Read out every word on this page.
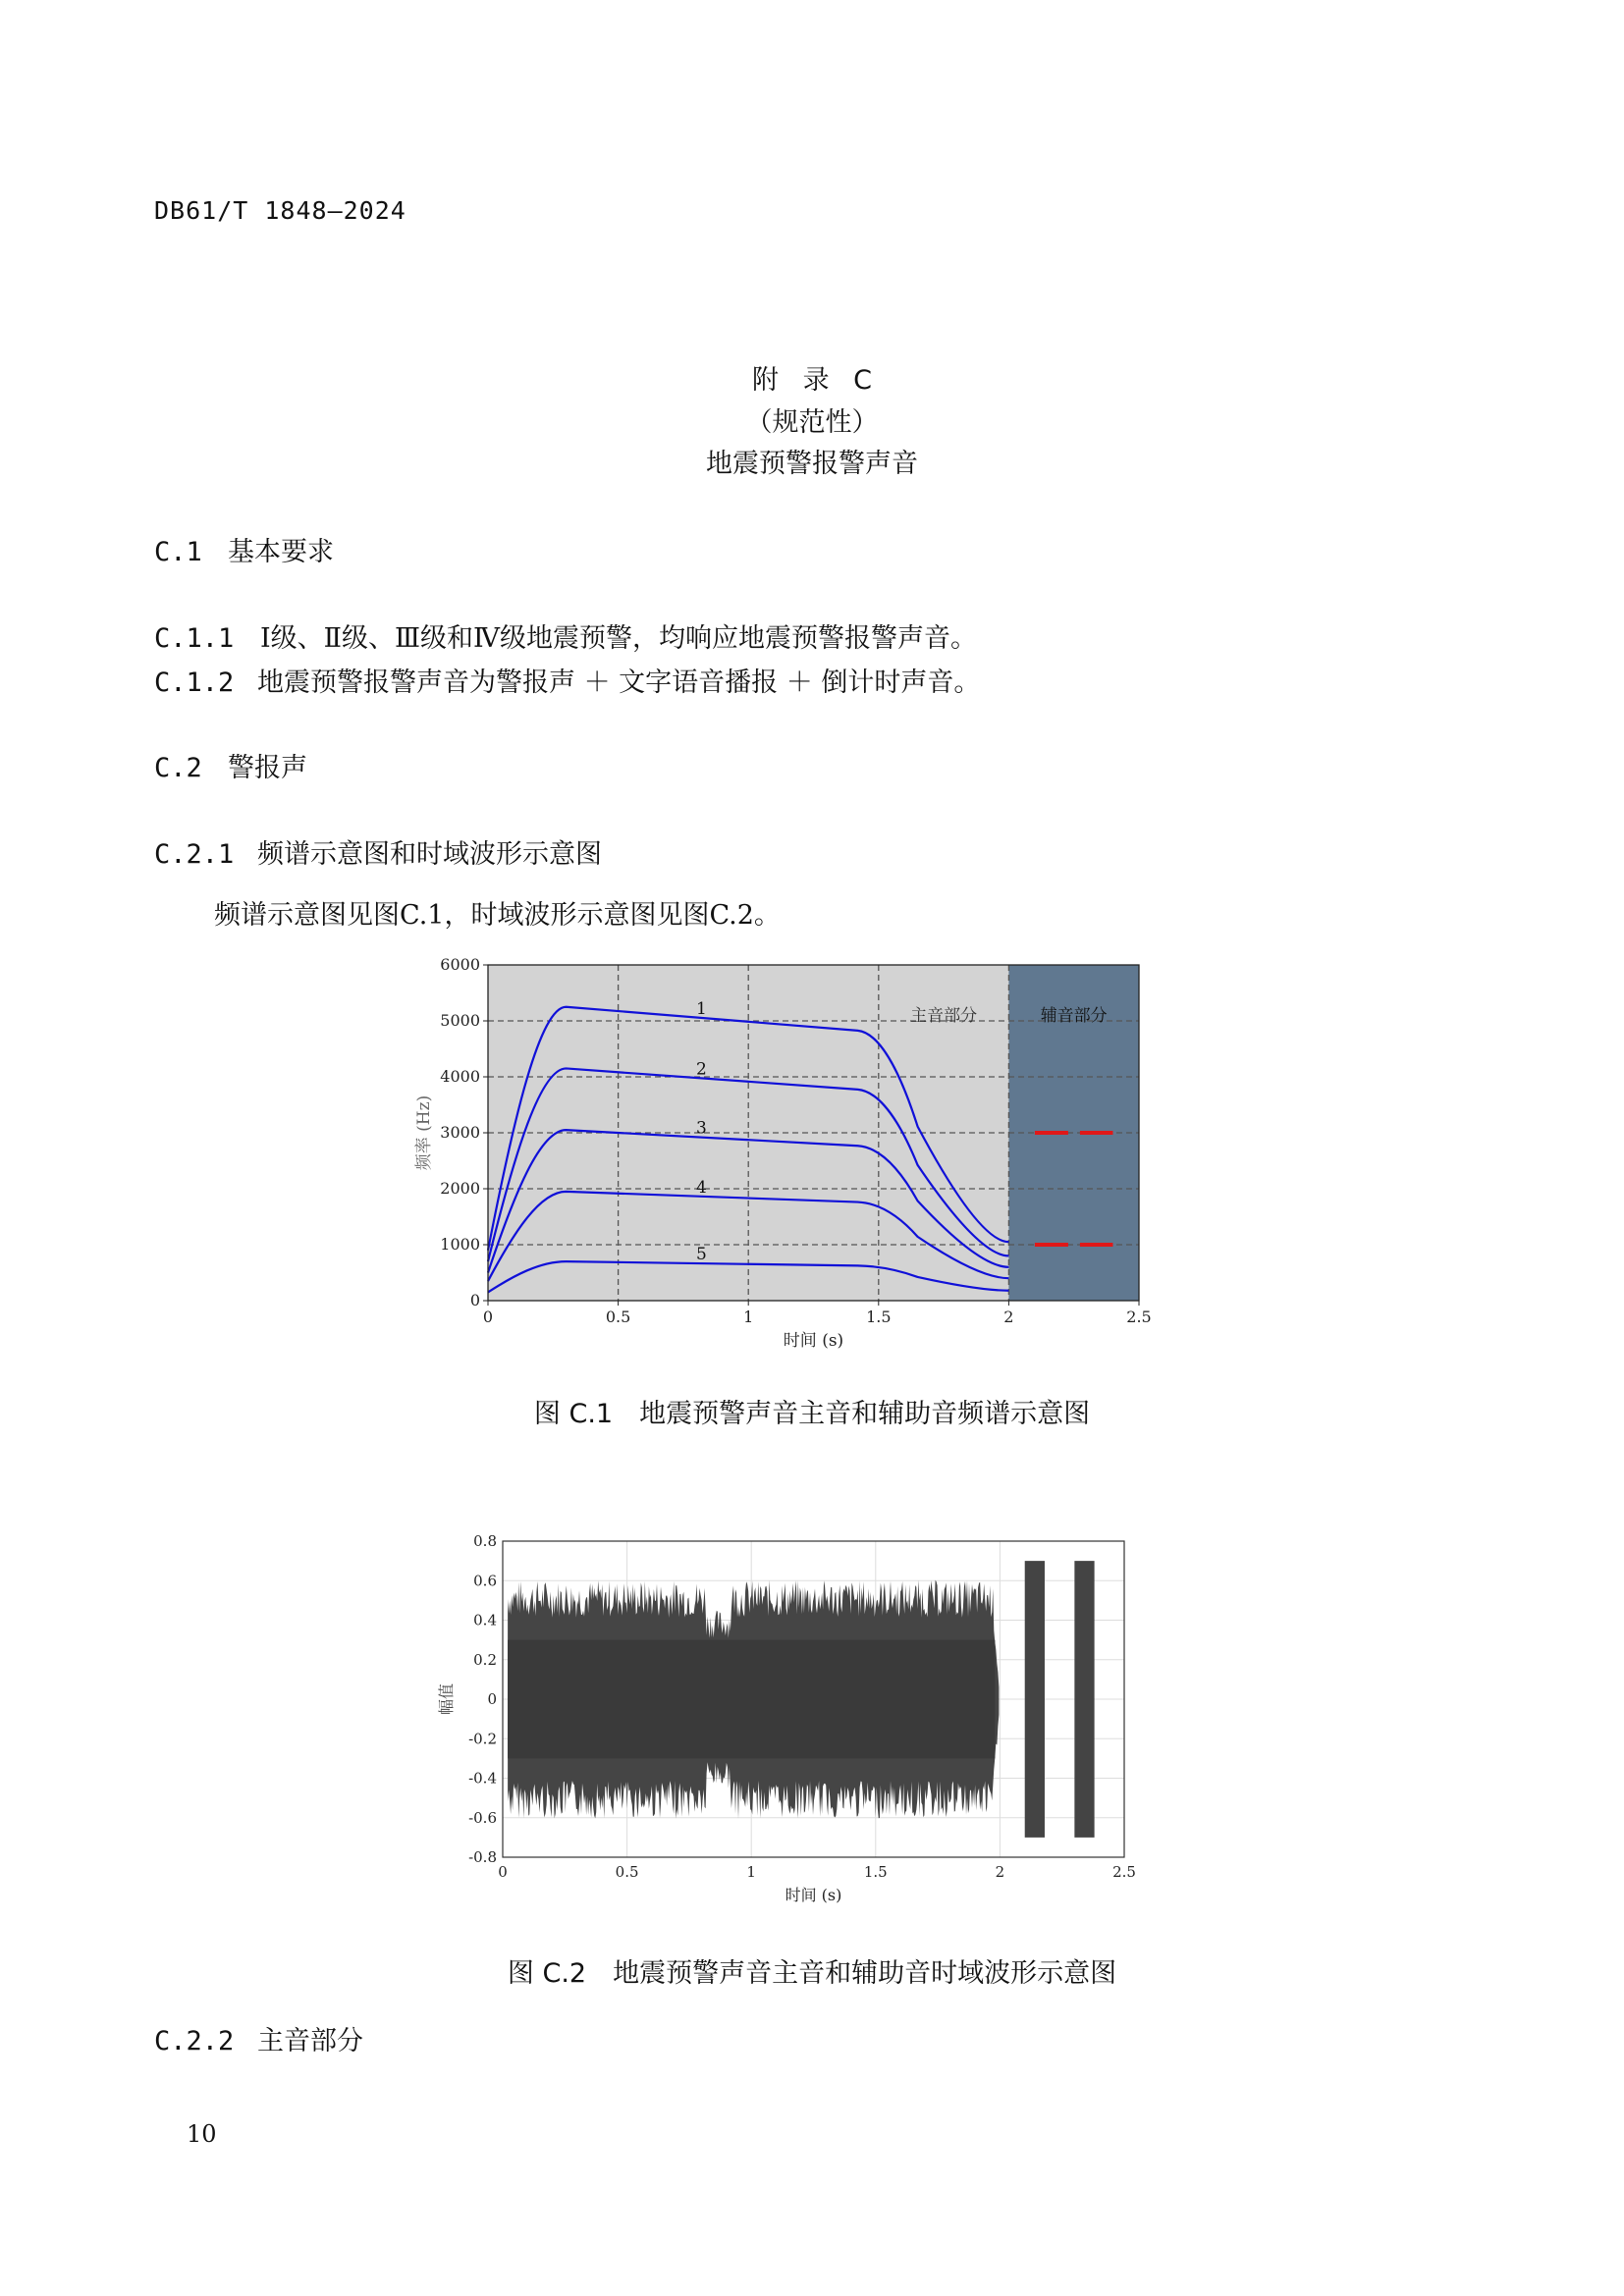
DB61/T 1848—2024
附 录 C
（规范性）
地震预警报警声音
C.1 基本要求
C.1.1 Ⅰ级、Ⅱ级、Ⅲ级和Ⅳ级地震预警，均响应地震预警报警声音。
C.1.2 地震预警报警声音为警报声 ＋ 文字语音播报 ＋ 倒计时声音。
C.2 警报声
C.2.1 频谱示意图和时域波形示意图
频谱示意图见图C.1，时域波形示意图见图C.2。
主音部分	辅音部分
1
2
3
4
5
0	0.5	1	1.5	2	2.5
0
1000
2000
3000
4000
5000
6000
时间 (s)
频率 (Hz)
图 C.1　地震预警声音主音和辅助音频谱示意图
0	0.5	1	1.5	2	2.5
0.8
0.6
0.4
0.2
0
-0.2
-0.4
-0.6
-0.8
时间 (s)
幅值
图 C.2　地震预警声音主音和辅助音时域波形示意图
C.2.2 主音部分
10
